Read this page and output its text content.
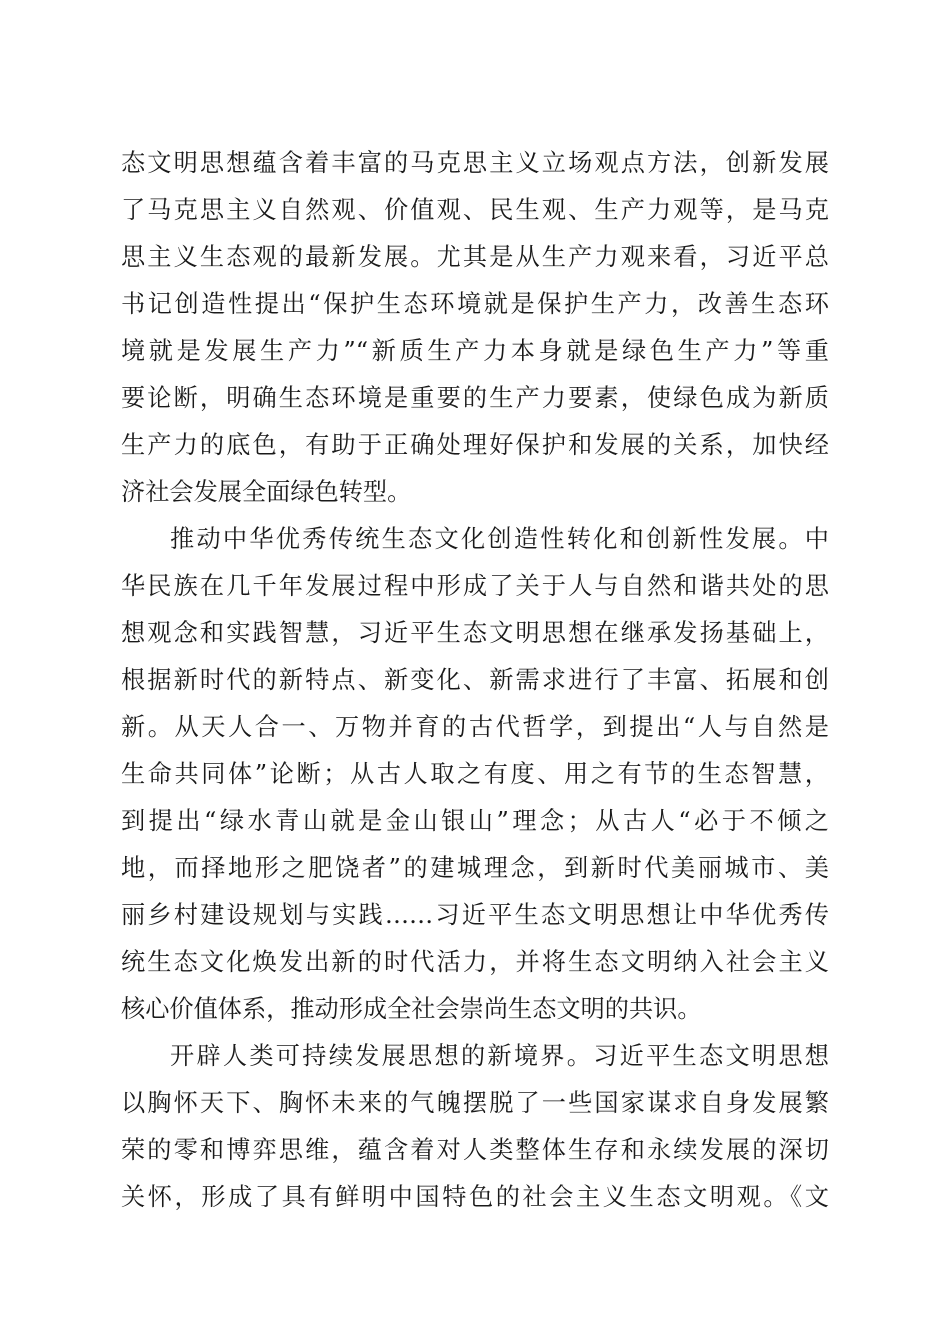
态文明思想蕴含着丰富的马克思主义立场观点方法，创新发展
了马克思主义自然观、价值观、民生观、生产力观等，是马克
思主义生态观的最新发展。尤其是从生产力观来看，习近平总
书记创造性提出“保护生态环境就是保护生产力，改善生态环
境就是发展生产力”“新质生产力本身就是绿色生产力”等重
要论断，明确生态环境是重要的生产力要素，使绿色成为新质
生产力的底色，有助于正确处理好保护和发展的关系，加快经
济社会发展全面绿色转型。
推动中华优秀传统生态文化创造性转化和创新性发展。中
华民族在几千年发展过程中形成了关于人与自然和谐共处的思
想观念和实践智慧，习近平生态文明思想在继承发扬基础上，
根据新时代的新特点、新变化、新需求进行了丰富、拓展和创
新。从天人合一、万物并育的古代哲学，到提出“人与自然是
生命共同体”论断；从古人取之有度、用之有节的生态智慧，
到提出“绿水青山就是金山银山”理念；从古人“必于不倾之
地，而择地形之肥饶者”的建城理念，到新时代美丽城市、美
丽乡村建设规划与实践……习近平生态文明思想让中华优秀传
统生态文化焕发出新的时代活力，并将生态文明纳入社会主义
核心价值体系，推动形成全社会崇尚生态文明的共识。
开辟人类可持续发展思想的新境界。习近平生态文明思想
以胸怀天下、胸怀未来的气魄摆脱了一些国家谋求自身发展繁
荣的零和博弈思维，蕴含着对人类整体生存和永续发展的深切
关怀，形成了具有鲜明中国特色的社会主义生态文明观。《文
